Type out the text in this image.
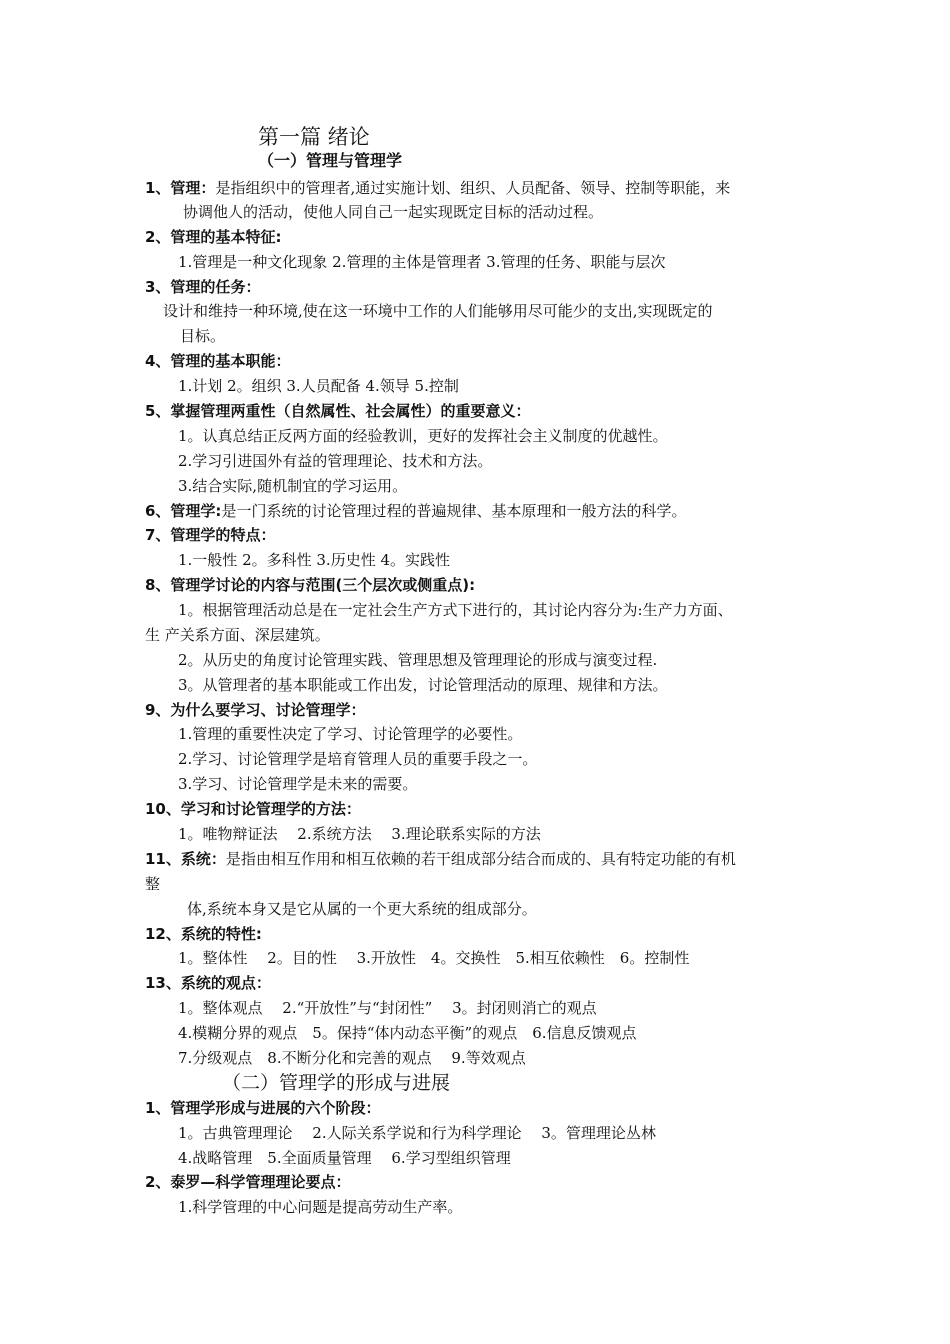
第一篇 绪论
（一）管理与管理学
1、管理：是指组织中的管理者,通过实施计划、组织、人员配备、领导、控制等职能，来
协调他人的活动，使他人同自己一起实现既定目标的活动过程。
2、管理的基本特征:
1.管理是一种文化现象 2.管理的主体是管理者 3.管理的任务、职能与层次
3、管理的任务：
设计和维持一种环境,使在这一环境中工作的人们能够用尽可能少的支出,实现既定的
目标。
4、管理的基本职能：
1.计划 2。组织 3.人员配备 4.领导 5.控制
5、掌握管理两重性（自然属性、社会属性）的重要意义：
1。认真总结正反两方面的经验教训，更好的发挥社会主义制度的优越性。
2.学习引进国外有益的管理理论、技术和方法。
3.结合实际,随机制宜的学习运用。
6、管理学:是一门系统的讨论管理过程的普遍规律、基本原理和一般方法的科学。
7、管理学的特点：
1.一般性 2。多科性 3.历史性 4。实践性
8、管理学讨论的内容与范围(三个层次或侧重点):
1。根据管理活动总是在一定社会生产方式下进行的，其讨论内容分为:生产力方面、
生 产关系方面、深层建筑。
2。从历史的角度讨论管理实践、管理思想及管理理论的形成与演变过程.
3。从管理者的基本职能或工作出发，讨论管理活动的原理、规律和方法。
9、为什么要学习、讨论管理学：
1.管理的重要性决定了学习、讨论管理学的必要性。
2.学习、讨论管理学是培育管理人员的重要手段之一。
3.学习、讨论管理学是未来的需要。
10、学习和讨论管理学的方法：
1。唯物辩证法　 2.系统方法　 3.理论联系实际的方法
11、系统：是指由相互作用和相互依赖的若干组成部分结合而成的、具有特定功能的有机
整
体,系统本身又是它从属的一个更大系统的组成部分。
12、系统的特性:
1。整体性　 2。目的性　 3.开放性　4。交换性　5.相互依赖性　6。控制性
13、系统的观点：
1。整体观点　 2.“开放性”与“封闭性”　 3。封闭则消亡的观点
4.模糊分界的观点　5。保持“体内动态平衡”的观点　6.信息反馈观点
7.分级观点　8.不断分化和完善的观点　 9.等效观点
（二）管理学的形成与进展
1、管理学形成与进展的六个阶段：
1。古典管理理论　 2.人际关系学说和行为科学理论　 3。管理理论丛林
4.战略管理　5.全面质量管理　 6.学习型组织管理
2、泰罗—科学管理理论要点：
1.科学管理的中心问题是提高劳动生产率。
